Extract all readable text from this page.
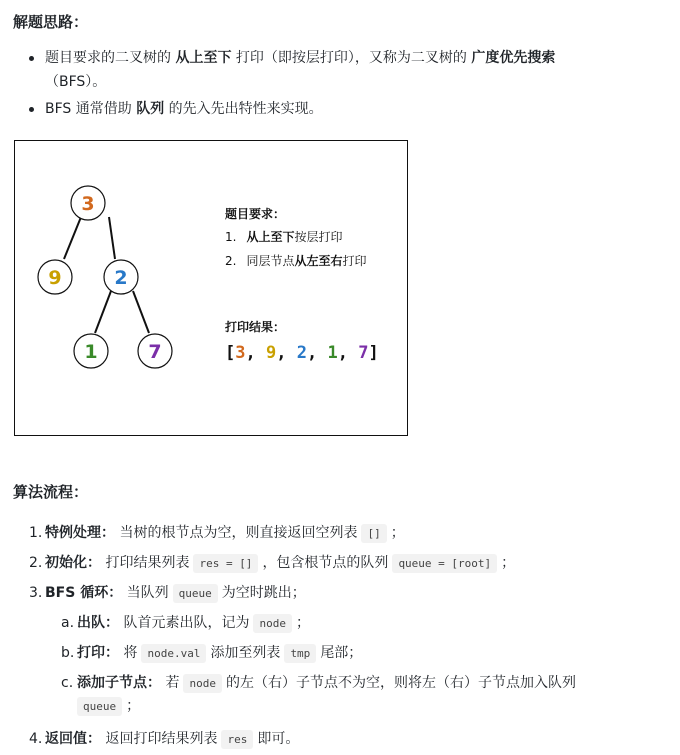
解题思路：
题目要求的二叉树的 从上至下 打印（即按层打印），又称为二叉树的 广度优先搜索
（BFS）。
BFS 通常借助 队列 的先入先出特性来实现。
3
9	2
1	7
题目要求：
1. 从上至下按层打印
2. 同层节点从左至右打印
打印结果：
[3, 9, 2, 1, 7]
算法流程：
1. 特例处理： 当树的根节点为空，则直接返回空列表 [] ；
2. 初始化： 打印结果列表 res = [] ，包含根节点的队列 queue = [root] ；
3. BFS 循环： 当队列 queue 为空时跳出；
a. 出队： 队首元素出队，记为 node ；
b. 打印： 将 node.val 添加至列表 tmp 尾部；
c. 添加子节点： 若 node 的左（右）子节点不为空，则将左（右）子节点加入队列
queue ；
4. 返回值： 返回打印结果列表 res 即可。
